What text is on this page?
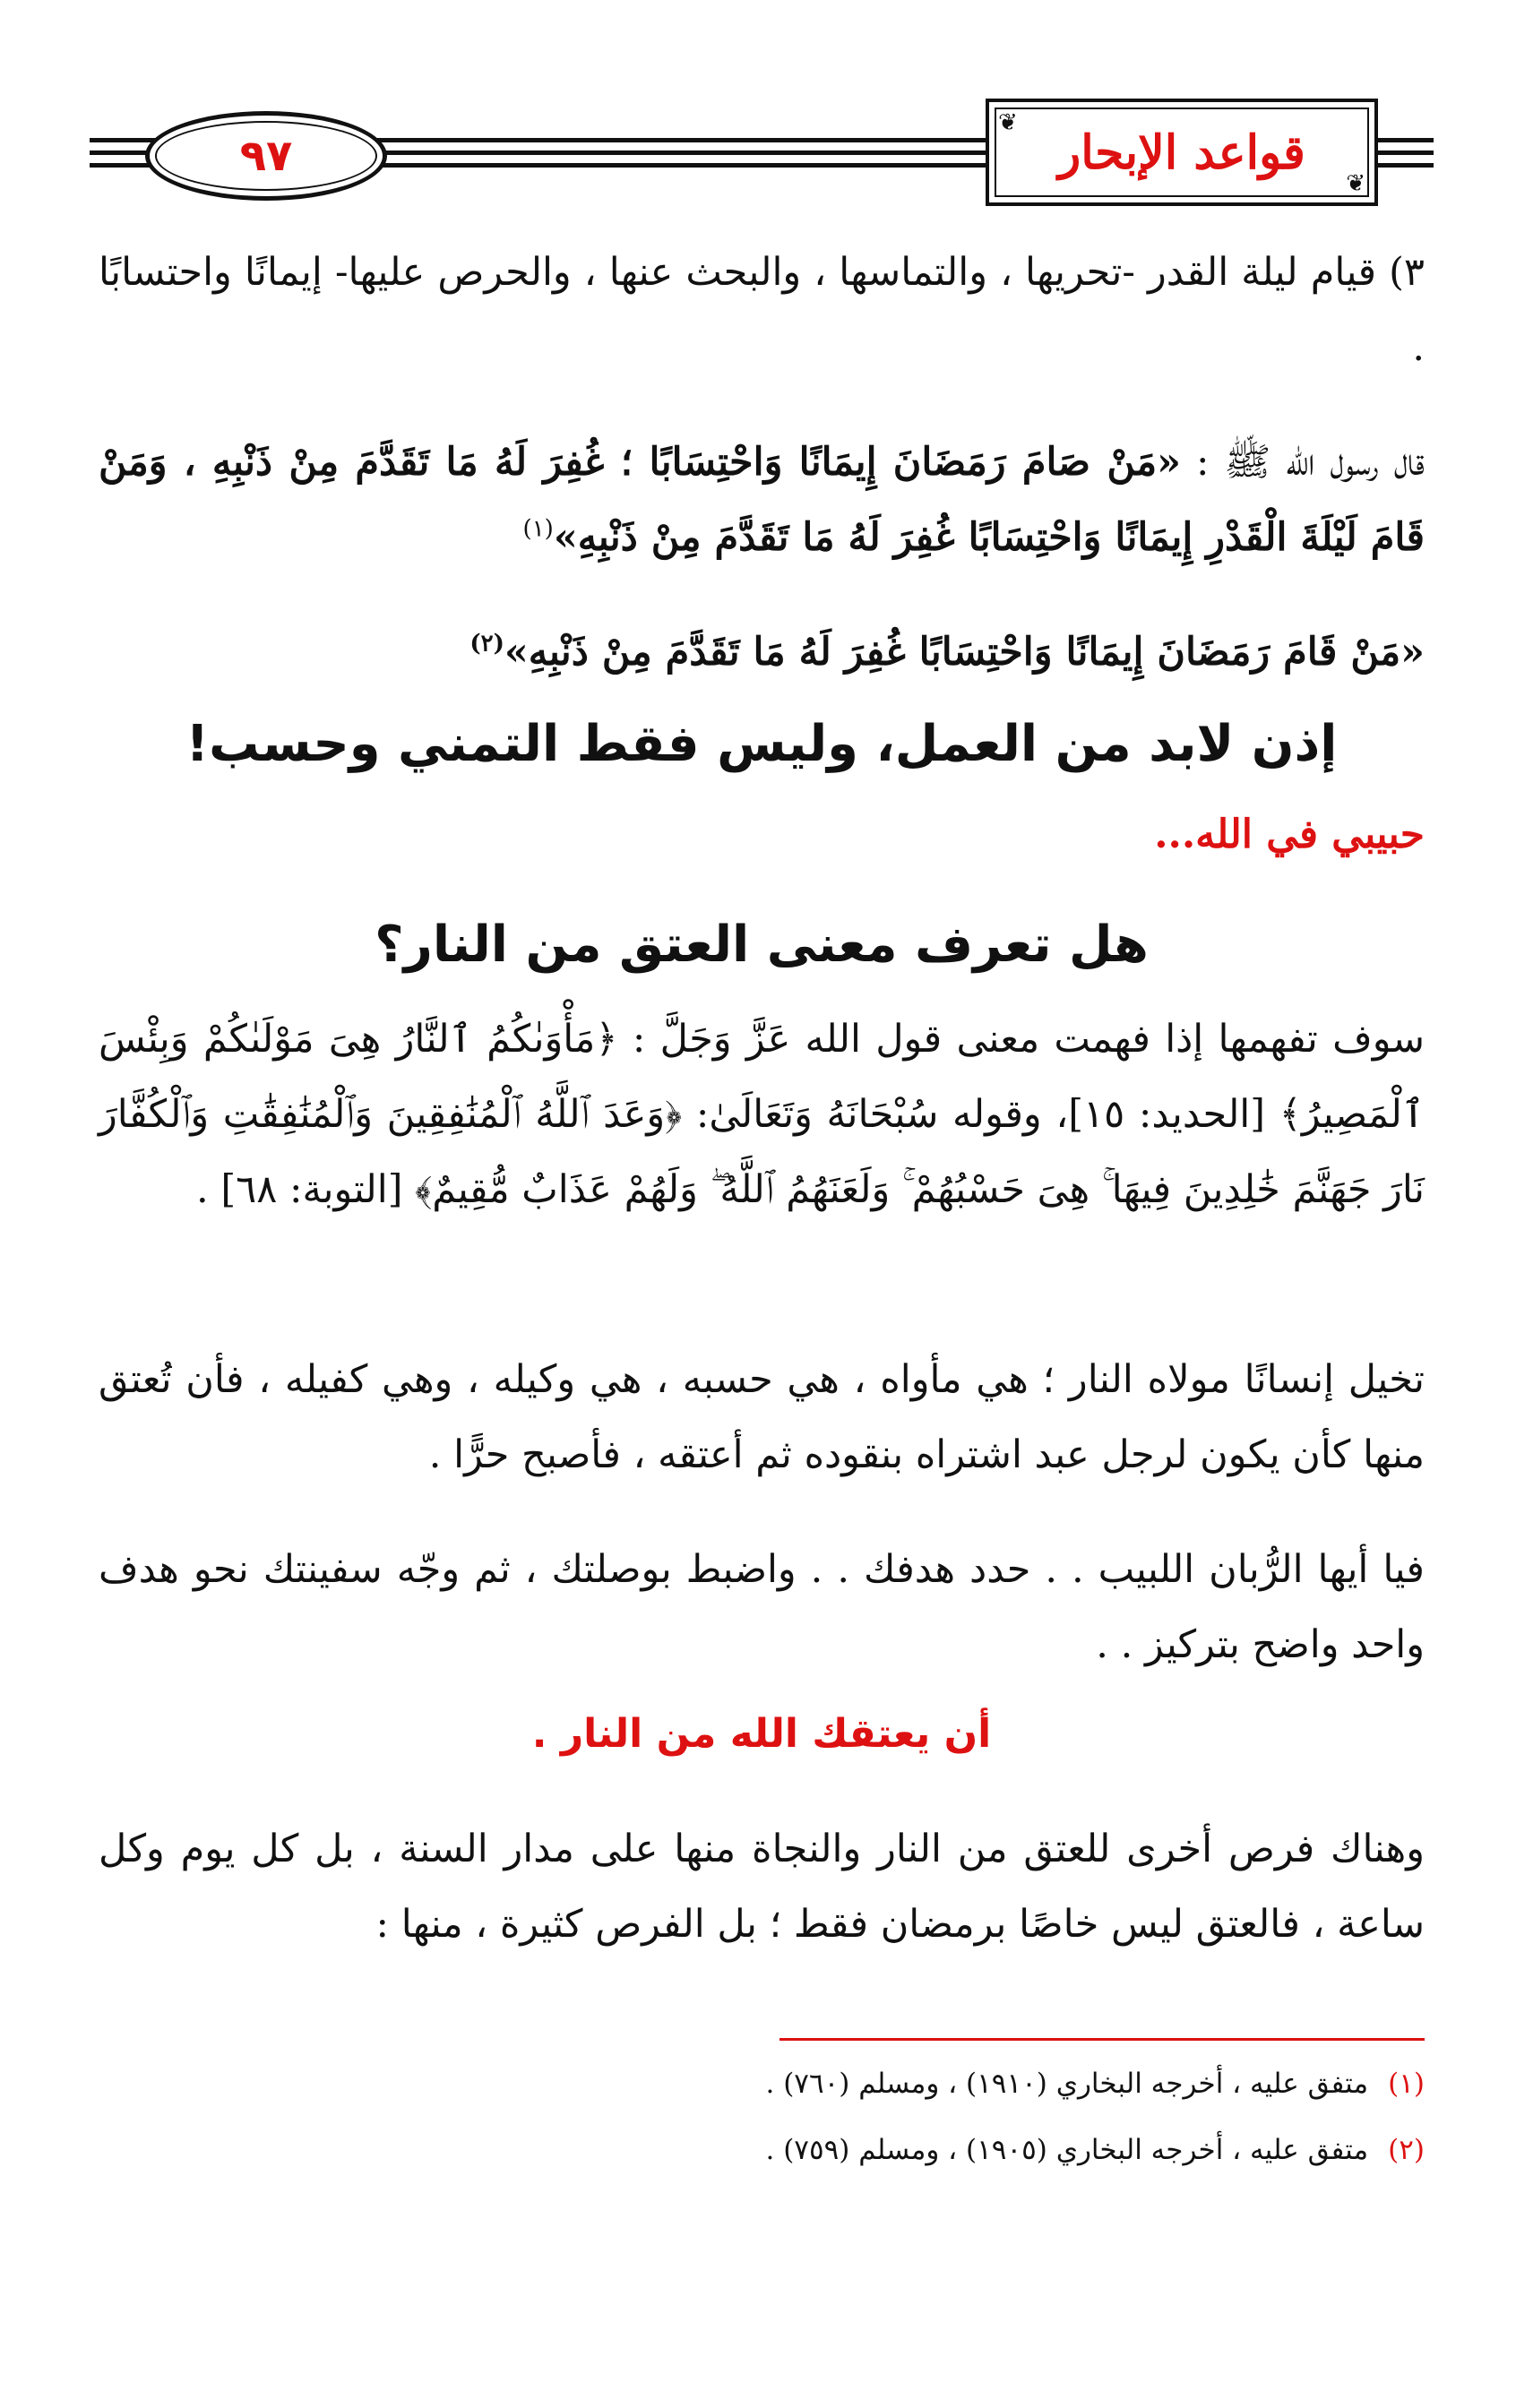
٩٧
❦
قواعد الإبحار
❦

٣) قيام ليلة القدر -تحريها ، والتماسها ، والبحث عنها ، والحرص عليها- إيمانًا واحتسابًا .

قال رسول الله ﷺ : «مَنْ صَامَ رَمَضَانَ إِيمَانًا وَاحْتِسَابًا ؛ غُفِرَ لَهُ مَا تَقَدَّمَ مِنْ ذَنْبِهِ ، وَمَنْ قَامَ لَيْلَةَ الْقَدْرِ إِيمَانًا وَاحْتِسَابًا غُفِرَ لَهُ مَا تَقَدَّمَ مِنْ ذَنْبِهِ»$^{(١)}$

«مَنْ قَامَ رَمَضَانَ إِيمَانًا وَاحْتِسَابًا غُفِرَ لَهُ مَا تَقَدَّمَ مِنْ ذَنْبِهِ»$^{(٢)}$

إذن لابد من العمل، وليس فقط التمني وحسب!

حبيبي في الله...

هل تعرف معنى العتق من النار؟

سوف تفهمها إذا فهمت معنى قول الله عَزَّ وَجَلَّ : ﴿مَأْوَىٰكُمُ ٱلنَّارُ هِىَ مَوْلَىٰكُمْ وَبِئْسَ ٱلْمَصِيرُ﴾ [الحديد: ١٥]، وقوله سُبْحَانَهُ وَتَعَالَىٰ: ﴿وَعَدَ ٱللَّهُ ٱلْمُنَٰفِقِينَ وَٱلْمُنَٰفِقَٰتِ وَٱلْكُفَّارَ نَارَ جَهَنَّمَ خَٰلِدِينَ فِيهَا ۚ هِىَ حَسْبُهُمْ ۚ وَلَعَنَهُمُ ٱللَّهُ ۖ وَلَهُمْ عَذَابٌ مُّقِيمٌ﴾ [التوبة: ٦٨] .

تخيل إنسانًا مولاه النار ؛ هي مأواه ، هي حسبه ، هي وكيله ، وهي كفيله ، فأن تُعتق منها كأن يكون لرجل عبد اشتراه بنقوده ثم أعتقه ، فأصبح حرًّا .

فيا أيها الرُّبان اللبيب . . حدد هدفك . . واضبط بوصلتك ، ثم وجّه سفينتك نحو هدف واحد واضح بتركيز . .

أن يعتقك الله من النار .

وهناك فرص أخرى للعتق من النار والنجاة منها على مدار السنة ، بل كل يوم وكل ساعة ، فالعتق ليس خاصًا برمضان فقط ؛ بل الفرص كثيرة ، منها :

(١)متفق عليه ، أخرجه البخاري (١٩١٠) ، ومسلم (٧٦٠) .

(٢)متفق عليه ، أخرجه البخاري (١٩٠٥) ، ومسلم (٧٥٩) .
